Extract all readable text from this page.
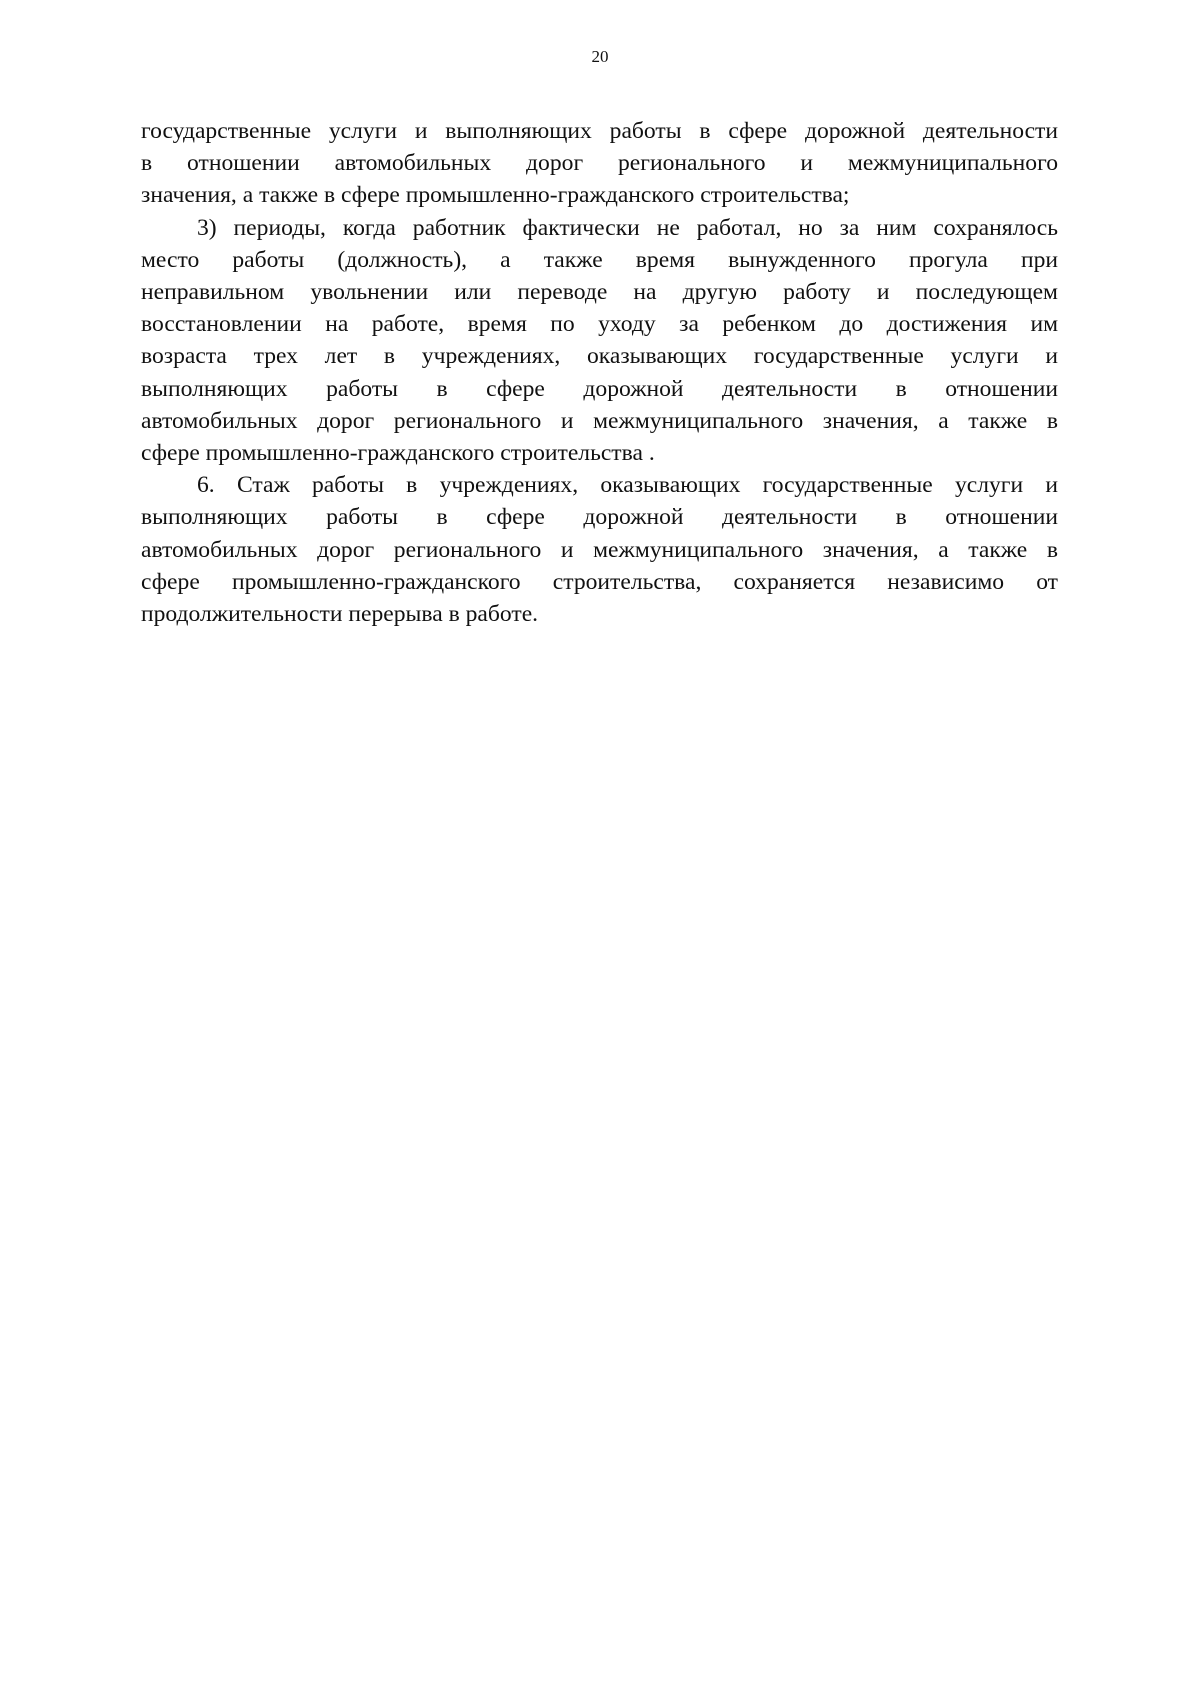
20

государственные услуги и выполняющих работы в сфере дорожной деятельности
в отношении автомобильных дорог регионального и межмуниципального
значения, а также в сфере промышленно-гражданского строительства;

3) периоды, когда работник фактически не работал, но за ним сохранялось
место работы (должность), а также время вынужденного прогула при
неправильном увольнении или переводе на другую работу и последующем
восстановлении на работе, время по уходу за ребенком до достижения им
возраста трех лет в учреждениях, оказывающих государственные услуги и
выполняющих работы в сфере дорожной деятельности в отношении
автомобильных дорог регионального и межмуниципального значения, а также в
сфере промышленно-гражданского строительства .

6. Стаж работы в учреждениях, оказывающих государственные услуги и
выполняющих работы в сфере дорожной деятельности в отношении
автомобильных дорог регионального и межмуниципального значения, а также в
сфере промышленно-гражданского строительства, сохраняется независимо от
продолжительности перерыва в работе.
